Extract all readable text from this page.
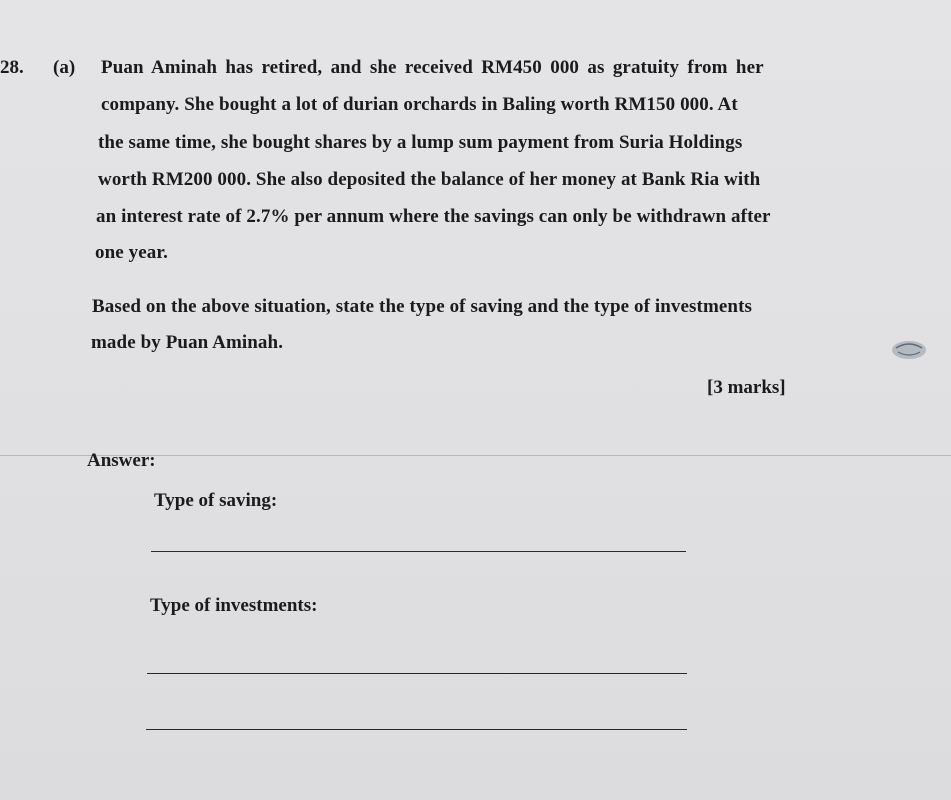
28. (a) Puan Aminah has retired, and she received RM450 000 as gratuity from her
company. She bought a lot of durian orchards in Baling worth RM150 000. At
the same time, she bought shares by a lump sum payment from Suria Holdings
worth RM200 000. She also deposited the balance of her money at Bank Ria with
an interest rate of 2.7% per annum where the savings can only be withdrawn after
one year.
Based on the above situation, state the type of saving and the type of investments
made by Puan Aminah.
[3 marks]
Answer:
Type of saving:
Type of investments:
